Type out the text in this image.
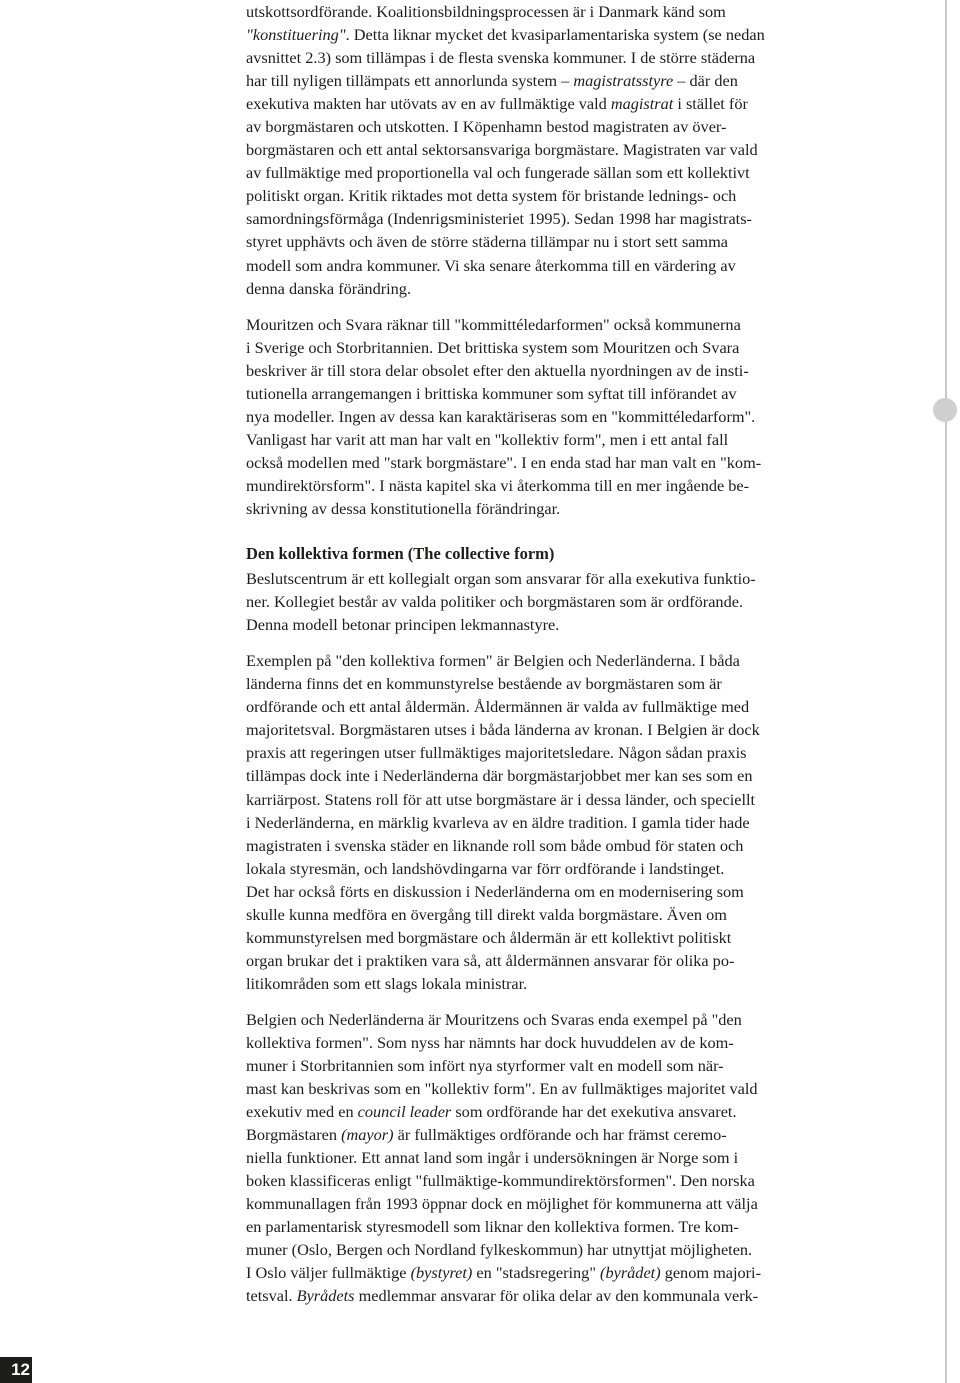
utskottsordförande. Koalitionsbildningsprocessen är i Danmark känd som
"konstituering". Detta liknar mycket det kvasiparlamentariska system (se nedan
avsnittet 2.3) som tillämpas i de flesta svenska kommuner. I de större städerna
har till nyligen tillämpats ett annorlunda system – magistratsstyre – där den
exekutiva makten har utövats av en av fullmäktige vald magistrat i stället för
av borgmästaren och utskotten. I Köpenhamn bestod magistraten av över-
borgmästaren och ett antal sektorsansvariga borgmästare. Magistraten var vald
av fullmäktige med proportionella val och fungerade sällan som ett kollektivt
politiskt organ. Kritik riktades mot detta system för bristande lednings- och
samordningsförmåga (Indenrigsministeriet 1995). Sedan 1998 har magistrats-
styret upphävts och även de större städerna tillämpar nu i stort sett samma
modell som andra kommuner. Vi ska senare återkomma till en värdering av
denna danska förändring.
Mouritzen och Svara räknar till "kommittéledarformen" också kommunerna
i Sverige och Storbritannien. Det brittiska system som Mouritzen och Svara
beskriver är till stora delar obsolet efter den aktuella nyordningen av de insti-
tutionella arrangemangen i brittiska kommuner som syftat till införandet av
nya modeller. Ingen av dessa kan karaktäriseras som en "kommittéledarform".
Vanligast har varit att man har valt en "kollektiv form", men i ett antal fall
också modellen med "stark borgmästare". I en enda stad har man valt en "kom-
mundirektörsform". I nästa kapitel ska vi återkomma till en mer ingående be-
skrivning av dessa konstitutionella förändringar.
Den kollektiva formen (The collective form)
Beslutscentrum är ett kollegialt organ som ansvarar för alla exekutiva funktio-
ner. Kollegiet består av valda politiker och borgmästaren som är ordförande.
Denna modell betonar principen lekmannastyre.
Exemplen på "den kollektiva formen" är Belgien och Nederländerna. I båda
länderna finns det en kommunstyrelse bestående av borgmästaren som är
ordförande och ett antal åldermän. Åldermännen är valda av fullmäktige med
majoritetsval. Borgmästaren utses i båda länderna av kronan. I Belgien är dock
praxis att regeringen utser fullmäktiges majoritetsledare. Någon sådan praxis
tillämpas dock inte i Nederländerna där borgmästarjobbet mer kan ses som en
karriärpost. Statens roll för att utse borgmästare är i dessa länder, och speciellt
i Nederländerna, en märklig kvarleva av en äldre tradition. I gamla tider hade
magistraten i svenska städer en liknande roll som både ombud för staten och
lokala styresmän, och landshövdingarna var förr ordförande i landstinget.
Det har också förts en diskussion i Nederländerna om en modernisering som
skulle kunna medföra en övergång till direkt valda borgmästare. Även om
kommunstyrelsen med borgmästare och åldermän är ett kollektivt politiskt
organ brukar det i praktiken vara så, att åldermännen ansvarar för olika po-
litikområden som ett slags lokala ministrar.
Belgien och Nederländerna är Mouritzens och Svaras enda exempel på "den
kollektiva formen". Som nyss har nämnts har dock huvuddelen av de kom-
muner i Storbritannien som infört nya styrformer valt en modell som när-
mast kan beskrivas som en "kollektiv form". En av fullmäktiges majoritet vald
exekutiv med en council leader som ordförande har det exekutiva ansvaret.
Borgmästaren (mayor) är fullmäktiges ordförande och har främst ceremo-
niella funktioner. Ett annat land som ingår i undersökningen är Norge som i
boken klassificeras enligt "fullmäktige-kommundirektörsformen". Den norska
kommunallagen från 1993 öppnar dock en möjlighet för kommunerna att välja
en parlamentarisk styresmodell som liknar den kollektiva formen. Tre kom-
muner (Oslo, Bergen och Nordland fylkeskommun) har utnyttjat möjligheten.
I Oslo väljer fullmäktige (bystyret) en "stadsregering" (byrådet) genom majori-
tetsval. Byrådets medlemmar ansvarar för olika delar av den kommunala verk-
12
